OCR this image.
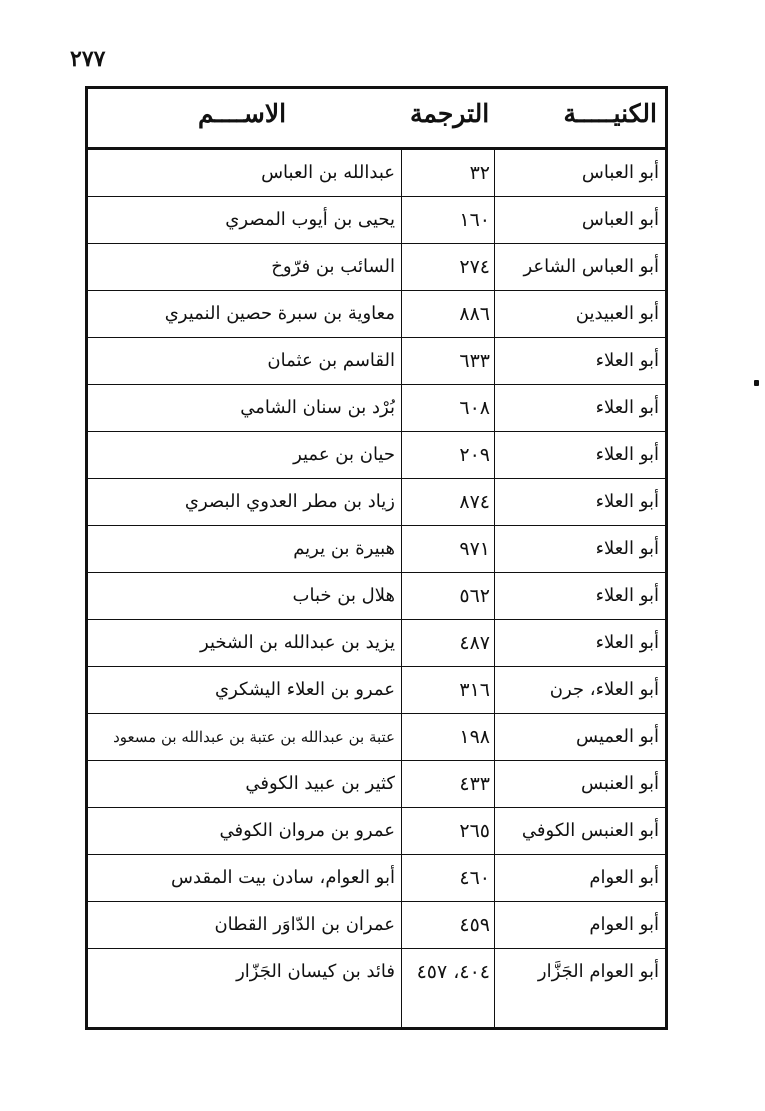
٢٧٧
الكنيـــــة
الترجمة
الاســــم
أبو العباس
٣٢
عبدالله بن العباس
أبو العباس
١٦٠
يحيى بن أيوب المصري
أبو العباس الشاعر
٢٧٤
السائب بن فرّوخ
أبو العبيدين
٨٨٦
معاوية بن سبرة حصين النميري
أبو العلاء
٦٣٣
القاسم بن عثمان
أبو العلاء
٦٠٨
بُرْد بن سنان الشامي
أبو العلاء
٢٠٩
حيان بن عمير
أبو العلاء
٨٧٤
زياد بن مطر العدوي البصري
أبو العلاء
٩٧١
هبيرة بن يريم
أبو العلاء
٥٦٢
هلال بن خباب
أبو العلاء
٤٨٧
يزيد بن عبدالله بن الشخير
أبو العلاء، جرن
٣١٦
عمرو بن العلاء اليشكري
أبو العميس
١٩٨
عتبة بن عبدالله بن عتبة بن عبدالله بن مسعود
أبو العنبس
٤٣٣
كثير بن عبيد الكوفي
أبو العنبس الكوفي
٢٦٥
عمرو بن مروان الكوفي
أبو العوام
٤٦٠
أبو العوام، سادن بيت المقدس
أبو العوام
٤٥٩
عمران بن الدّاوَر القطان
أبو العوام الجَزَّار
٤٠٤، ٤٥٧
فائد بن كيسان الجَزّار
